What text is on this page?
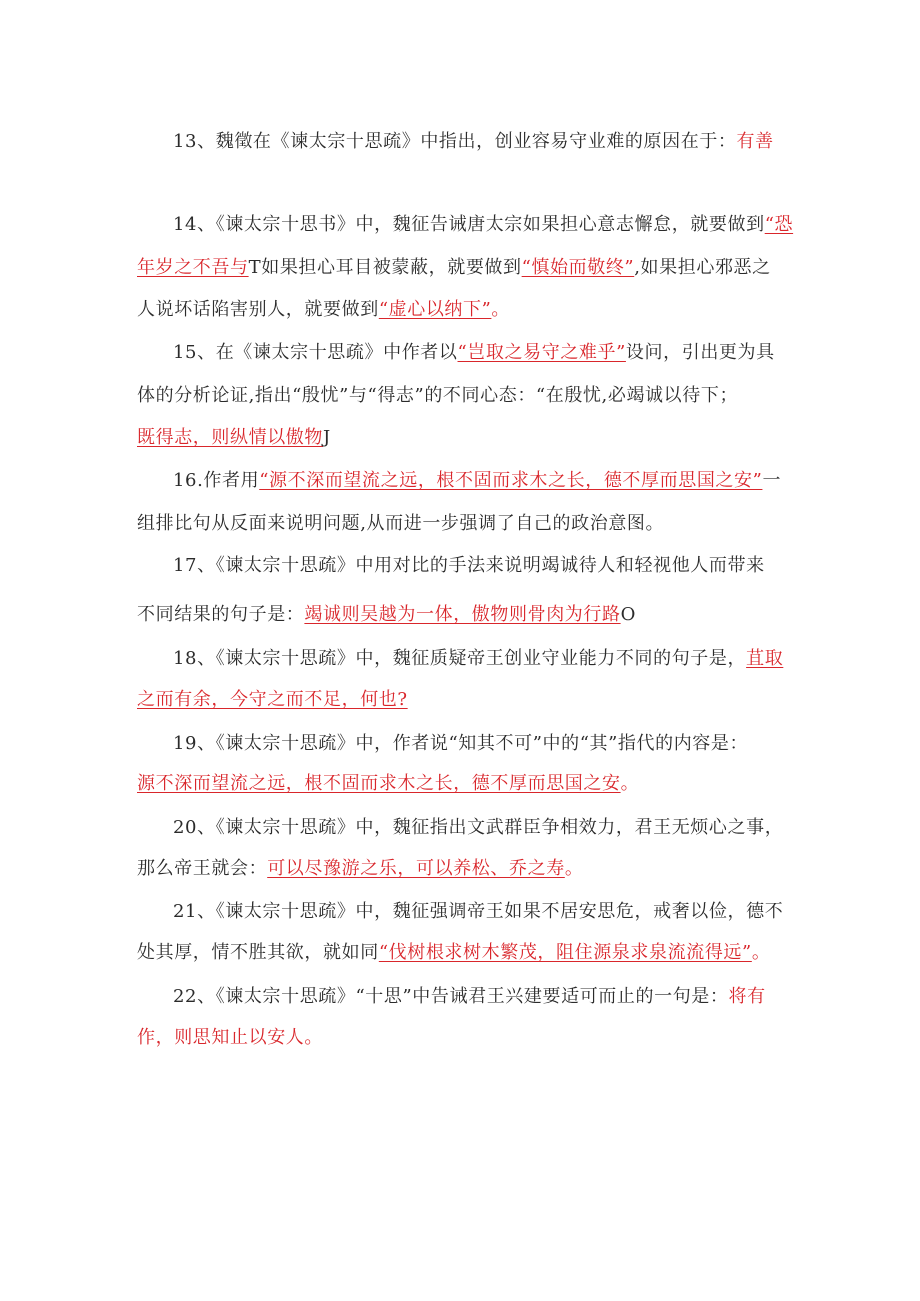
13、魏徵在《谏太宗十思疏》中指出，创业容易守业难的原因在于：有善
14、《谏太宗十思书》中，魏征告诫唐太宗如果担心意志懈怠，就要做到“恐
年岁之不吾与T如果担心耳目被蒙蔽，就要做到“慎始而敬终”,如果担心邪恶之
人说坏话陷害别人，就要做到“虚心以纳下”。
15、在《谏太宗十思疏》中作者以“岂取之易守之难乎”设问，引出更为具
体的分析论证,指出“殷忧”与“得志”的不同心态：“在殷忧,必竭诚以待下；
既得志，则纵情以傲物J
16.作者用“源不深而望流之远，根不固而求木之长，德不厚而思国之安”一
组排比句从反面来说明问题,从而进一步强调了自己的政治意图。
17、《谏太宗十思疏》中用对比的手法来说明竭诚待人和轻视他人而带来
不同结果的句子是：竭诚则吴越为一体，傲物则骨肉为行路O
18、《谏太宗十思疏》中，魏征质疑帝王创业守业能力不同的句子是，苴取
之而有余，今守之而不足，何也?
19、《谏太宗十思疏》中，作者说“知其不可”中的“其”指代的内容是：
源不深而望流之远，根不固而求木之长，德不厚而思国之安。
20、《谏太宗十思疏》中，魏征指出文武群臣争相效力，君王无烦心之事，
那么帝王就会：可以尽豫游之乐，可以养松、乔之寿。
21、《谏太宗十思疏》中，魏征强调帝王如果不居安思危，戒奢以俭，德不
处其厚，情不胜其欲，就如同“伐树根求树木繁茂，阻住源泉求泉流流得远”。
22、《谏太宗十思疏》“十思”中告诫君王兴建要适可而止的一句是：将有
作，则思知止以安人。
